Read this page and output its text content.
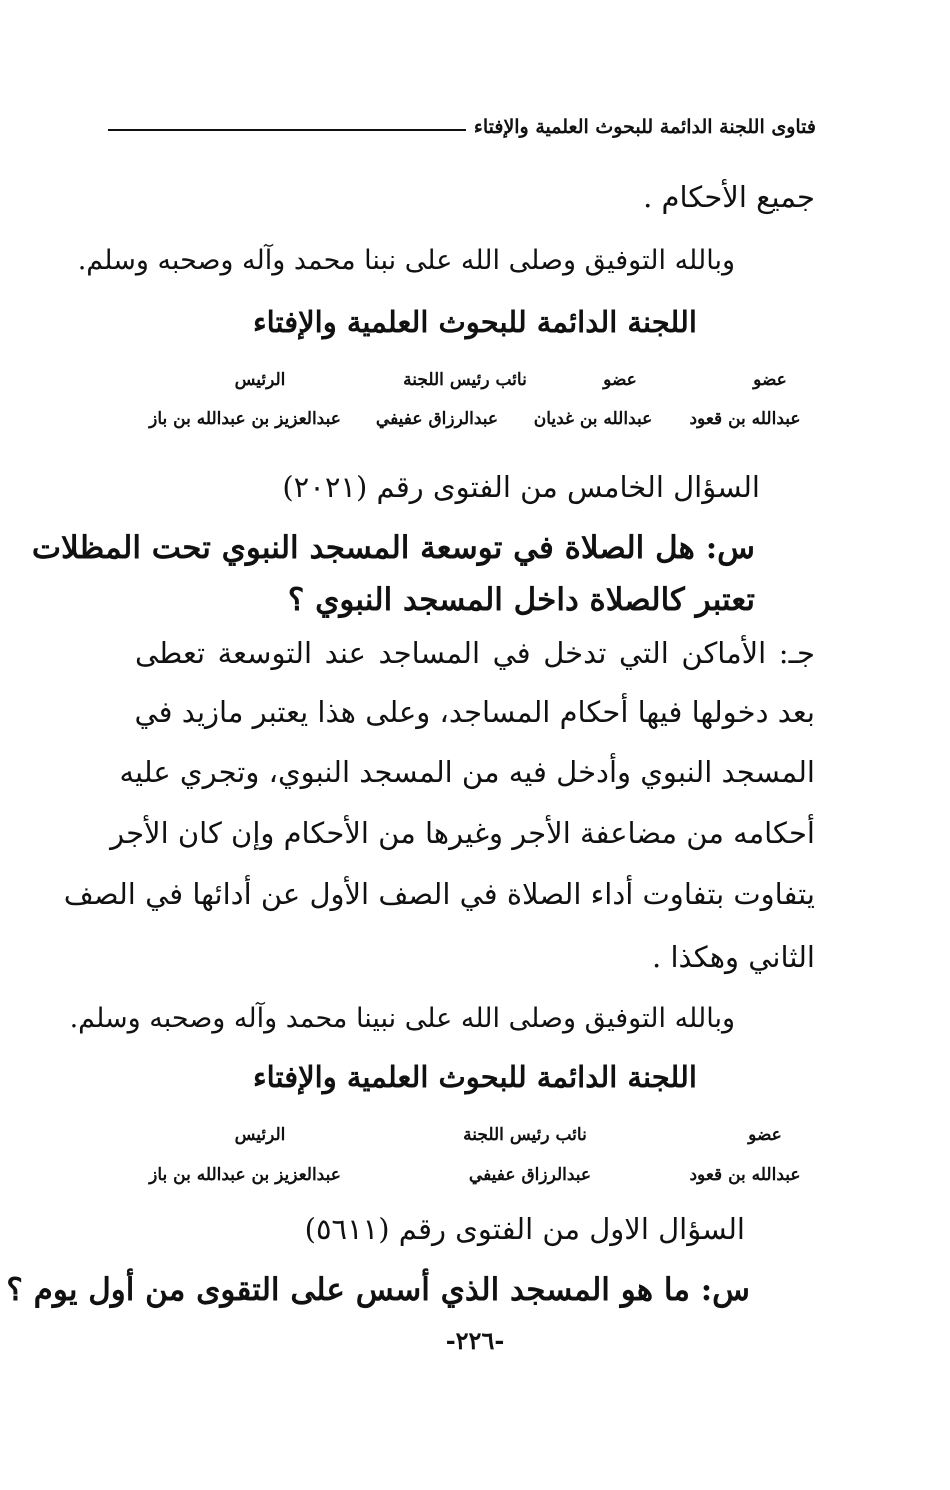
فتاوى اللجنة الدائمة للبحوث العلمية والإفتاء
جميع الأحكام .
وبالله التوفيق وصلى الله على نبنا محمد وآله وصحبه وسلم.
اللجنة الدائمة للبحوث العلمية والإفتاء
عضو
عضو
نائب رئيس اللجنة
الرئيس
عبدالله بن قعود
عبدالله بن غديان
عبدالرزاق عفيفي
عبدالعزيز بن عبدالله بن باز
السؤال الخامس من الفتوى رقم (٢٠٢١)
س: هل الصلاة في توسعة المسجد النبوي تحت المظلات
تعتبر كالصلاة داخل المسجد النبوي ؟
جـ: الأماكن التي تدخل في المساجد عند التوسعة تعطى
بعد دخولها فيها أحكام المساجد، وعلى هذا يعتبر مازيد في
المسجد النبوي وأدخل فيه من المسجد النبوي، وتجري عليه
أحكامه من مضاعفة الأجر وغيرها من الأحكام وإن كان الأجر
يتفاوت بتفاوت أداء الصلاة في الصف الأول عن أدائها في الصف
الثاني وهكذا .
وبالله التوفيق وصلى الله على نبينا محمد وآله وصحبه وسلم.
اللجنة الدائمة للبحوث العلمية والإفتاء
عضو
نائب رئيس اللجنة
الرئيس
عبدالله بن قعود
عبدالرزاق عفيفي
عبدالعزيز بن عبدالله بن باز
السؤال الاول من الفتوى رقم (٥٦١١)
س: ما هو المسجد الذي أسس على التقوى من أول يوم ؟
-٢٢٦-
